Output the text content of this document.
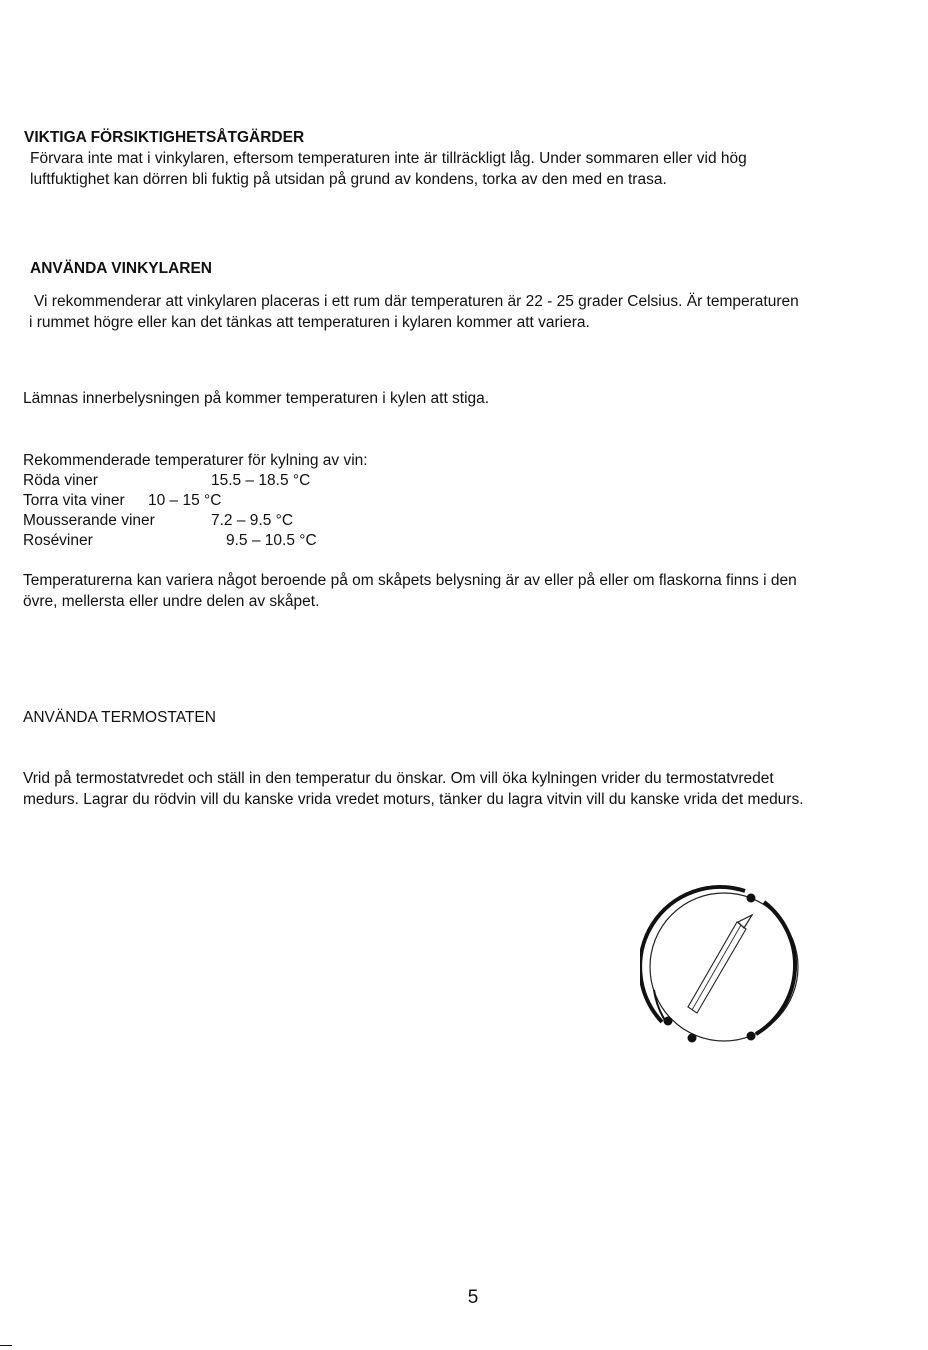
VIKTIGA FÖRSIKTIGHETSÅTGÄRDER
Förvara inte mat i vinkylaren, eftersom temperaturen inte är tillräckligt låg. Under sommaren eller vid hög
luftfuktighet kan dörren bli fuktig på utsidan på grund av kondens, torka av den med en trasa.
ANVÄNDA VINKYLAREN
Vi rekommenderar att vinkylaren placeras i ett rum där temperaturen är 22 - 25 grader Celsius. Är temperaturen
i rummet högre eller kan det tänkas att temperaturen i kylaren kommer att variera.
Lämnas innerbelysningen på kommer temperaturen i kylen att stiga.
Rekommenderade temperaturer för kylning av vin:
Röda viner	15.5 – 18.5 °C
Torra vita viner 10 – 15 °C
Mousserande viner	7.2 – 9.5 °C
Roséviner	9.5 – 10.5 °C
Temperaturerna kan variera något beroende på om skåpets belysning är av eller på eller om flaskorna finns i den
övre, mellersta eller undre delen av skåpet.
ANVÄNDA TERMOSTATEN
Vrid på termostatvredet och ställ in den temperatur du önskar. Om vill öka kylningen vrider du termostatvredet
medurs. Lagrar du rödvin vill du kanske vrida vredet moturs, tänker du lagra vitvin vill du kanske vrida det medurs.
5
